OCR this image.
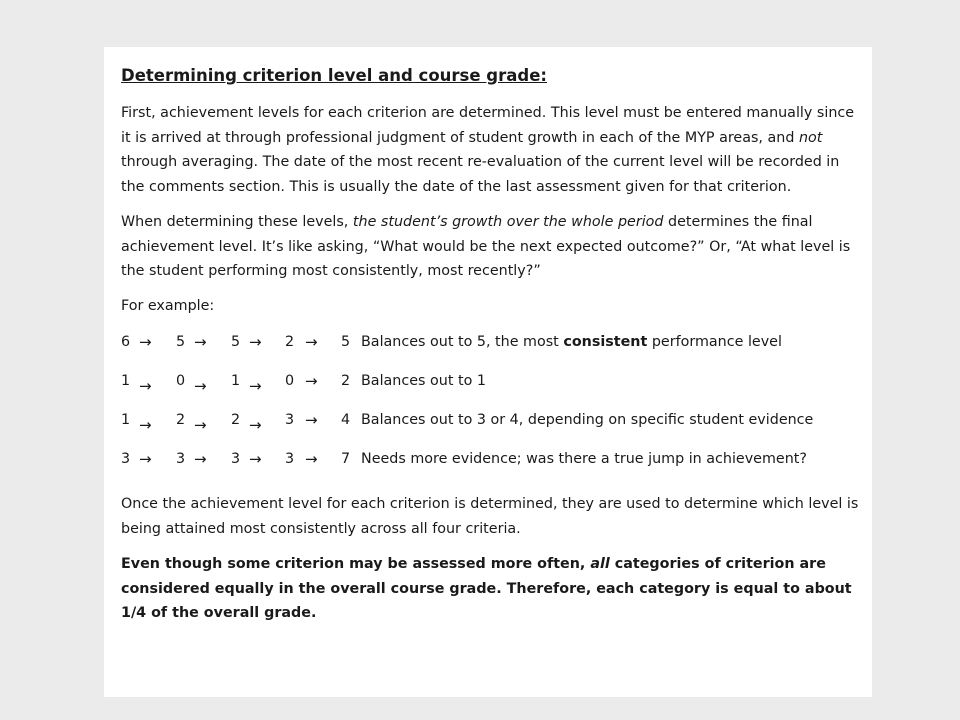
Determining criterion level and course grade:

First, achievement levels for each criterion are determined. This level must be entered manually since it is arrived at through professional judgment of student growth in each of the MYP areas, and not through averaging. The date of the most recent re-evaluation of the current level will be recorded in the comments section. This is usually the date of the last assessment given for that criterion.

When determining these levels, the student’s growth over the whole period determines the final achievement level. It’s like asking, “What would be the next expected outcome?” Or, “At what level is the student performing most consistently, most recently?”

For example:

6 → 5 → 5 → 2 → 5 Balances out to 5, the most consistent performance level
1 → 0 → 1 → 0 → 2 Balances out to 1
1 → 2 → 2 → 3 → 4 Balances out to 3 or 4, depending on specific student evidence
3 → 3 → 3 → 3 → 7 Needs more evidence; was there a true jump in achievement?

Once the achievement level for each criterion is determined, they are used to determine which level is being attained most consistently across all four criteria.

Even though some criterion may be assessed more often, all categories of criterion are considered equally in the overall course grade. Therefore, each category is equal to about 1/4 of the overall grade.
